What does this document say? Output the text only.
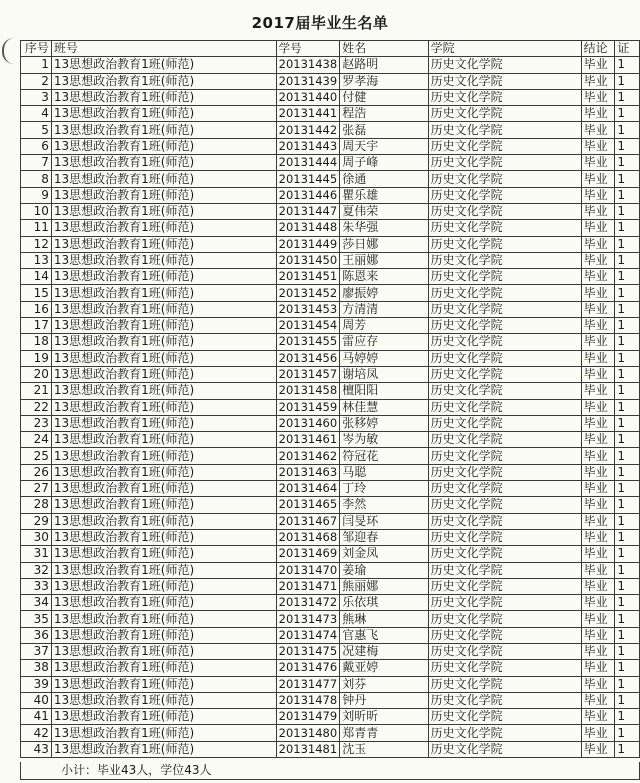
2017届毕业生名单
序号	班号	学号	姓名	学院	结论	证
1	13思想政治教育1班(师范)	20131438	赵路明	历史文化学院	毕业	1
2	13思想政治教育1班(师范)	20131439	罗孝海	历史文化学院	毕业	1
3	13思想政治教育1班(师范)	20131440	付健	历史文化学院	毕业	1
4	13思想政治教育1班(师范)	20131441	程浩	历史文化学院	毕业	1
5	13思想政治教育1班(师范)	20131442	张磊	历史文化学院	毕业	1
6	13思想政治教育1班(师范)	20131443	周天宇	历史文化学院	毕业	1
7	13思想政治教育1班(师范)	20131444	周子峰	历史文化学院	毕业	1
8	13思想政治教育1班(师范)	20131445	徐通	历史文化学院	毕业	1
9	13思想政治教育1班(师范)	20131446	瞿乐雄	历史文化学院	毕业	1
10	13思想政治教育1班(师范)	20131447	夏伟荣	历史文化学院	毕业	1
11	13思想政治教育1班(师范)	20131448	朱华强	历史文化学院	毕业	1
12	13思想政治教育1班(师范)	20131449	莎日娜	历史文化学院	毕业	1
13	13思想政治教育1班(师范)	20131450	王丽娜	历史文化学院	毕业	1
14	13思想政治教育1班(师范)	20131451	陈恩来	历史文化学院	毕业	1
15	13思想政治教育1班(师范)	20131452	廖振婷	历史文化学院	毕业	1
16	13思想政治教育1班(师范)	20131453	方清清	历史文化学院	毕业	1
17	13思想政治教育1班(师范)	20131454	周芳	历史文化学院	毕业	1
18	13思想政治教育1班(师范)	20131455	雷应存	历史文化学院	毕业	1
19	13思想政治教育1班(师范)	20131456	马婷婷	历史文化学院	毕业	1
20	13思想政治教育1班(师范)	20131457	谢培凤	历史文化学院	毕业	1
21	13思想政治教育1班(师范)	20131458	檀阳阳	历史文化学院	毕业	1
22	13思想政治教育1班(师范)	20131459	林佳慧	历史文化学院	毕业	1
23	13思想政治教育1班(师范)	20131460	张移婷	历史文化学院	毕业	1
24	13思想政治教育1班(师范)	20131461	岑为敏	历史文化学院	毕业	1
25	13思想政治教育1班(师范)	20131462	符冠花	历史文化学院	毕业	1
26	13思想政治教育1班(师范)	20131463	马聪	历史文化学院	毕业	1
27	13思想政治教育1班(师范)	20131464	丁玲	历史文化学院	毕业	1
28	13思想政治教育1班(师范)	20131465	李然	历史文化学院	毕业	1
29	13思想政治教育1班(师范)	20131467	闫旻环	历史文化学院	毕业	1
30	13思想政治教育1班(师范)	20131468	邹迎春	历史文化学院	毕业	1
31	13思想政治教育1班(师范)	20131469	刘金凤	历史文化学院	毕业	1
32	13思想政治教育1班(师范)	20131470	姜瑜	历史文化学院	毕业	1
33	13思想政治教育1班(师范)	20131471	熊丽娜	历史文化学院	毕业	1
34	13思想政治教育1班(师范)	20131472	乐依琪	历史文化学院	毕业	1
35	13思想政治教育1班(师范)	20131473	熊琳	历史文化学院	毕业	1
36	13思想政治教育1班(师范)	20131474	官惠飞	历史文化学院	毕业	1
37	13思想政治教育1班(师范)	20131475	况建梅	历史文化学院	毕业	1
38	13思想政治教育1班(师范)	20131476	戴亚婷	历史文化学院	毕业	1
39	13思想政治教育1班(师范)	20131477	刘芬	历史文化学院	毕业	1
40	13思想政治教育1班(师范)	20131478	钟丹	历史文化学院	毕业	1
41	13思想政治教育1班(师范)	20131479	刘昕昕	历史文化学院	毕业	1
42	13思想政治教育1班(师范)	20131480	郑青青	历史文化学院	毕业	1
43	13思想政治教育1班(师范)	20131481	沈玉	历史文化学院	毕业	1
小计：毕业43人，学位43人
